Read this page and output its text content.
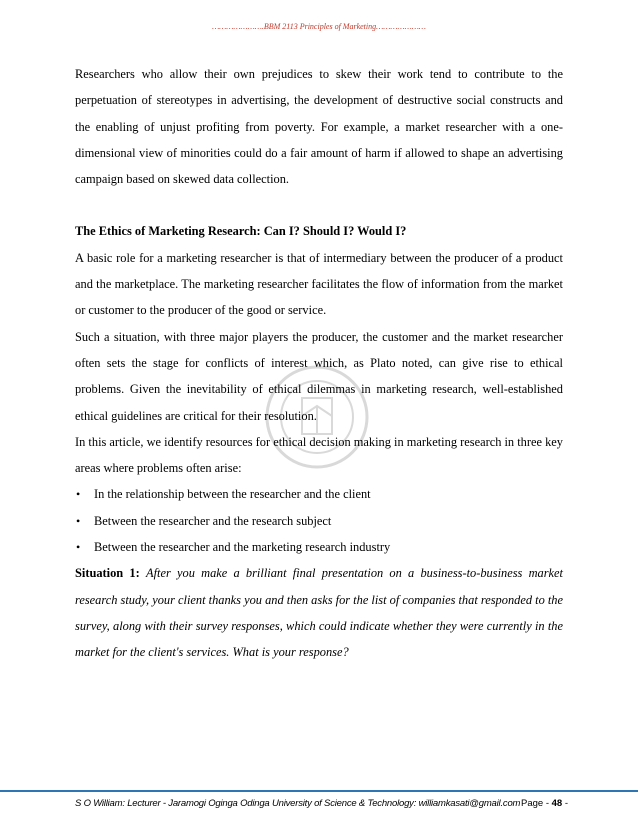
………………….BBM 2113 Principles of Marketing…………………

Researchers who allow their own prejudices to skew their work tend to contribute to the perpetuation of stereotypes in advertising, the development of destructive social constructs and the enabling of unjust profiting from poverty. For example, a market researcher with a one-dimensional view of minorities could do a fair amount of harm if allowed to shape an advertising campaign based on skewed data collection.

The Ethics of Marketing Research: Can I? Should I? Would I?

A basic role for a marketing researcher is that of intermediary between the producer of a product and the marketplace. The marketing researcher facilitates the flow of information from the market or customer to the producer of the good or service.

Such a situation, with three major players the producer, the customer and the market researcher often sets the stage for conflicts of interest which, as Plato noted, can give rise to ethical problems. Given the inevitability of ethical dilemmas in marketing research, well-established ethical guidelines are critical for their resolution.

In this article, we identify resources for ethical decision making in marketing research in three key areas where problems often arise:

• In the relationship between the researcher and the client
• Between the researcher and the research subject
• Between the researcher and the marketing research industry

Situation 1: After you make a brilliant final presentation on a business-to-business market research study, your client thanks you and then asks for the list of companies that responded to the survey, along with their survey responses, which could indicate whether they were currently in the market for the client's services. What is your response?

S O William: Lecturer - Jaramogi Oginga Odinga University of Science & Technology: williamkasati@gmail.com Page - 48 -
